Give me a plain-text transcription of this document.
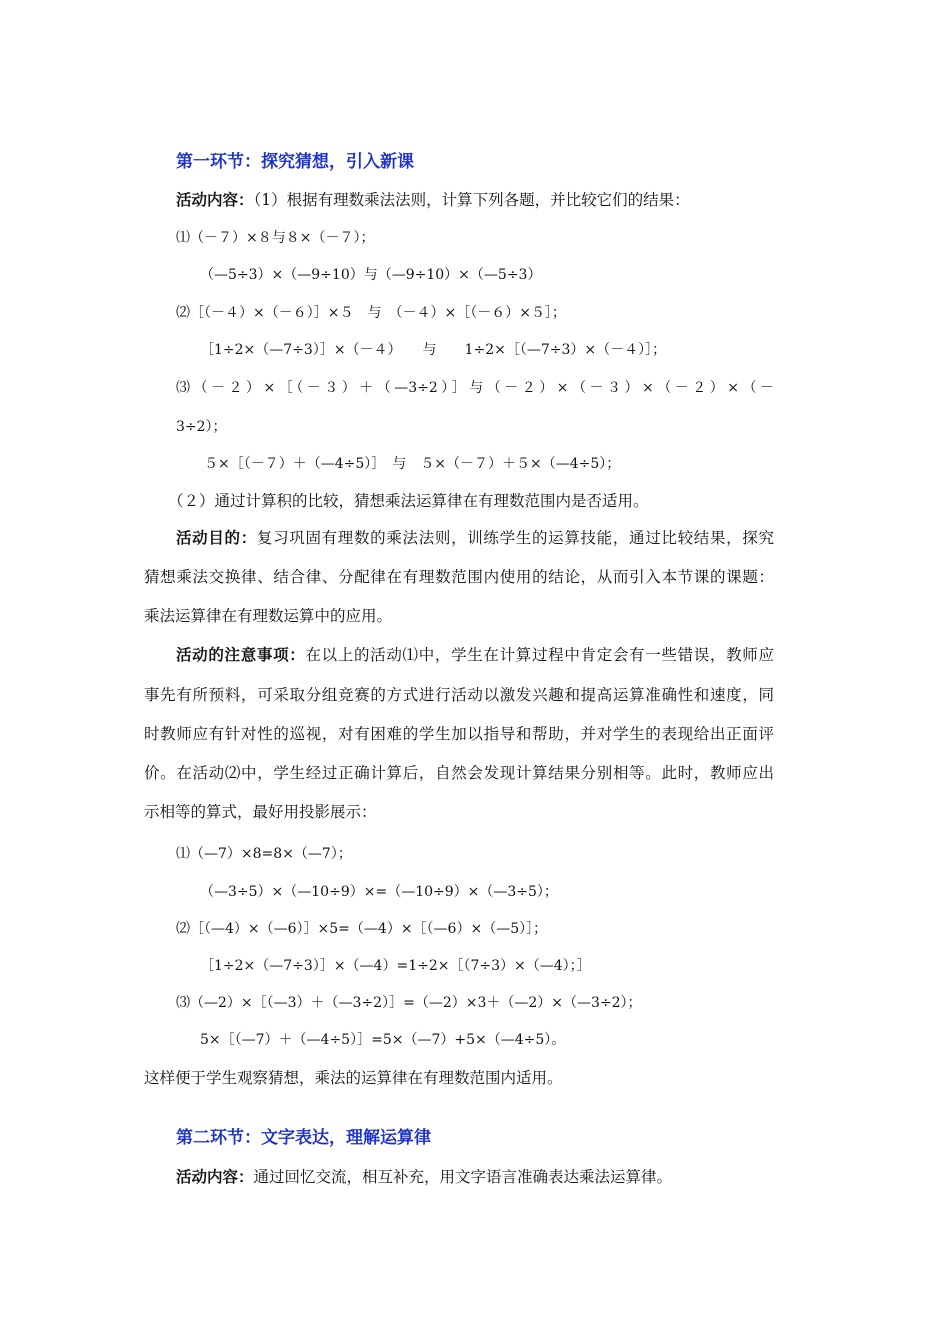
第一环节：探究猜想，引入新课
活动内容：（1）根据有理数乘法法则，计算下列各题，并比较它们的结果：
⑴（－７）×８与８×（－７）；
（—5÷3）×（—9÷10）与（—9÷10）×（—5÷3）
⑵［（－４）×（－６）］×５　与　（－４）×［（－６）×５］；
［1÷2×（—7÷3）］×（－４）　　与　　1÷2×［（—7÷3）×（－４）］；
⑶（－２）×［（－３）＋（—3÷2）］与（－２）×（－３）×（－２）×（－
3÷2）；
５×［（－７）＋（—4÷5）］　与　５×（－７）＋５×（—4÷5）；
（２）通过计算积的比较，猜想乘法运算律在有理数范围内是否适用。
活动目的：复习巩固有理数的乘法法则，训练学生的运算技能，通过比较结果，探究
猜想乘法交换律、结合律、分配律在有理数范围内使用的结论，从而引入本节课的课题：
乘法运算律在有理数运算中的应用。
活动的注意事项：在以上的活动⑴中，学生在计算过程中肯定会有一些错误，教师应
事先有所预料，可采取分组竞赛的方式进行活动以激发兴趣和提高运算准确性和速度，同
时教师应有针对性的巡视，对有困难的学生加以指导和帮助，并对学生的表现给出正面评
价。在活动⑵中，学生经过正确计算后，自然会发现计算结果分别相等。此时，教师应出
示相等的算式，最好用投影展示：
⑴（—7）×8=8×（—7）；
（—3÷5）×（—10÷9）×=（—10÷9）×（—3÷5）；
⑵［（—4）×（—6）］×5=（—4）×［（—6）×（—5）］；
［1÷2×（—7÷3）］×（—4）=1÷2×［（7÷3）×（—4）；］
⑶（—2）×［（—3）＋（—3÷2）］=（—2）×3＋（—2）×（—3÷2）；
5×［（—7）＋（—4÷5）］=5×（—7）+5×（—4÷5）。
这样便于学生观察猜想，乘法的运算律在有理数范围内适用。
第二环节：文字表达，理解运算律
活动内容：通过回忆交流，相互补充，用文字语言准确表达乘法运算律。
